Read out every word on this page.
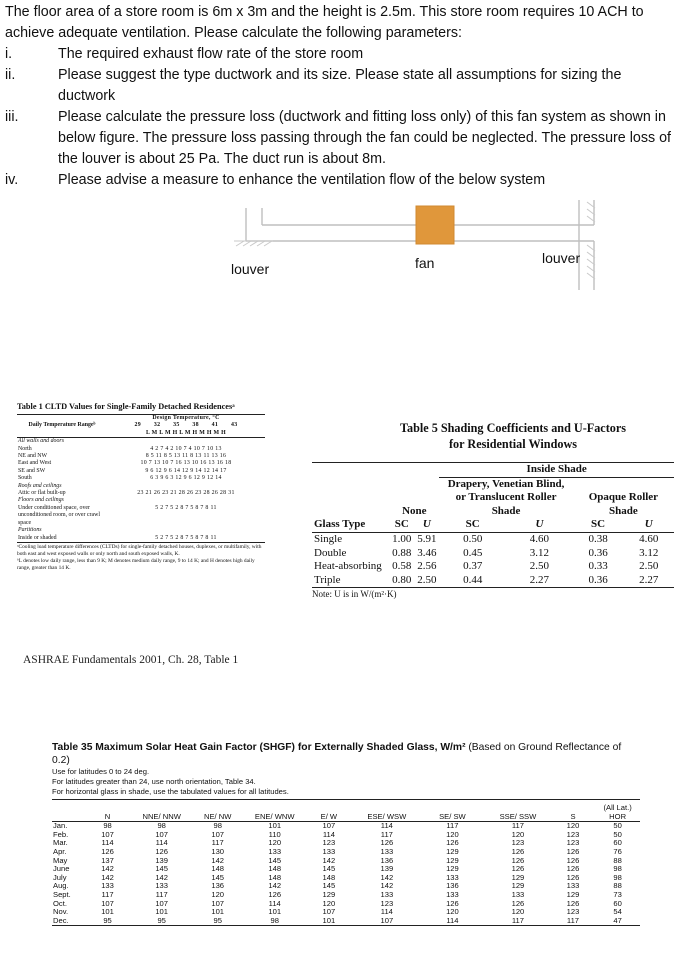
The floor area of a store room is 6m x 3m and the height is 2.5m. This store room requires 10 ACH to achieve adequate ventilation. Please calculate the following parameters:

i.	The required exhaust flow rate of the store room
ii.	Please suggest the type ductwork and its size. Please state all assumptions for sizing the ductwork
iii.	Please calculate the pressure loss (ductwork and fitting loss only) of this fan system as shown in below figure. The pressure loss passing through the fan could be neglected. The pressure loss of the louver is about 25 Pa. The duct run is about 8m.
iv.	Please advise a measure to enhance the ventilation flow of the below system
louver	fan	louver
Table 1 CLTD Values for Single-Family Detached Residencesᵃ
Daily Temperature Rangeᵇ	Design Temperature, °C
	29 32 35 38 41 43
	L M L M H L M H M H M H
All walls and doors	
North	4 2 7 4 2 10 7 4 10 7 10 13
NE and NW	8 5 11 8 5 13 11 8 13 11 13 16
East and West	10 7 13 10 7 16 13 10 16 13 16 18
SE and SW	9 6 12 9 6 14 12 9 14 12 14 17
South	6 3 9 6 3 12 9 6 12 9 12 14
Roofs and ceilings	
Attic or flat built-up	23 21 26 23 21 28 26 23 28 26 28 31
Floors and ceilings	
Under conditioned space, over unconditioned room, or over crawl space	5 2 7 5 2 8 7 5 8 7 8 11
Partitions	
Inside or shaded	5 2 7 5 2 8 7 5 8 7 8 11
ᵃCooling load temperature differences (CLTDs) for single-family detached houses, duplexes, or multifamily, with both east and west exposed walls or only north and south exposed walls, K.
ᵇL denotes low daily range, less than 9 K; M denotes medium daily range, 9 to 14 K; and H denotes high daily range, greater than 14 K.
ASHRAE Fundamentals 2001, Ch. 28, Table 1
Table 5 Shading Coefficients and U-Factors
for Residential Windows
			Inside Shade			
	None		Drapery, Venetian Blind, or Translucent Roller Shade		Opaque Roller Shade	
Glass Type	SC	U	SC	U	SC	U
Single	1.00	5.91	0.50	4.60	0.38	4.60
Double	0.88	3.46	0.45	3.12	0.36	3.12
Heat-absorbing	0.58	2.56	0.37	2.50	0.33	2.50
Triple	0.80	2.50	0.44	2.27	0.36	2.27
Note: U is in W/(m²·K)
Table 35 Maximum Solar Heat Gain Factor (SHGF) for Externally Shaded Glass, W/m² (Based on Ground Reflectance of 0.2)
Use for latitudes 0 to 24 deg.
For latitudes greater than 24, use north orientation, Table 34.
For horizontal glass in shade, use the tabulated values for all latitudes.
	N	NNE/ NNW	NE/ NW	ENE/ WNW	E/ W	ESE/ WSW	SE/ SW	SSE/ SSW	S	(All Lat.) HOR
Jan.	98	98	98	101	107	114	117	117	120	50
Feb.	107	107	107	110	114	117	120	120	123	50
Mar.	114	114	117	120	123	126	126	123	123	60
Apr.	126	126	130	133	133	133	129	126	126	76
May	137	139	142	145	142	136	129	126	126	88
June	142	145	148	148	145	139	129	126	126	98
July	142	142	145	148	148	142	133	129	126	98
Aug.	133	133	136	142	145	142	136	129	133	88
Sept.	117	117	120	126	129	133	133	133	129	73
Oct.	107	107	107	114	120	123	126	126	126	60
Nov.	101	101	101	101	107	114	120	120	123	54
Dec.	95	95	95	98	101	107	114	117	117	47
